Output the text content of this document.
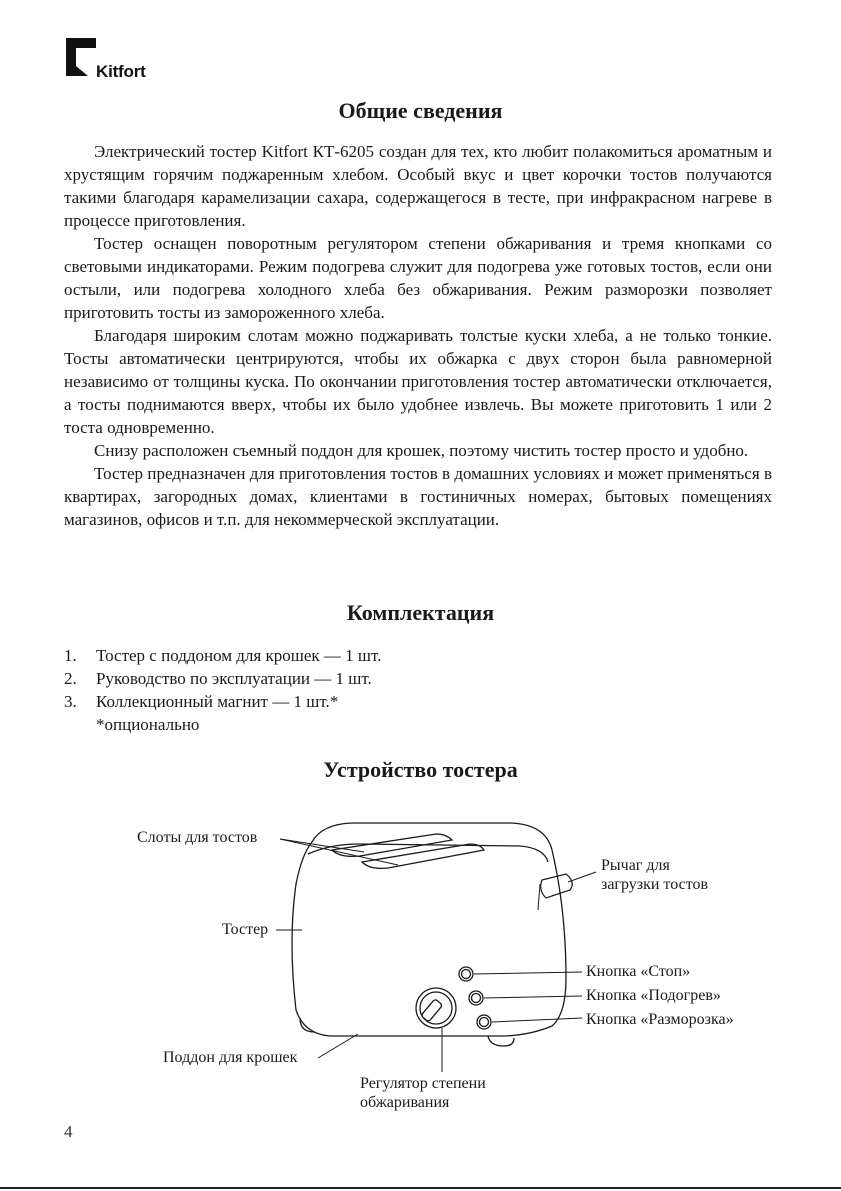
Kitfort
Общие сведения

Электрический тостер Kitfort КТ-6205 создан для тех, кто любит полакомиться ароматным и хрустящим горячим поджаренным хлебом. Особый вкус и цвет корочки тостов получаются такими благодаря карамелизации сахара, содержащегося в тесте, при инфракрасном нагреве в процессе приготовления.

Тостер оснащен поворотным регулятором степени обжаривания и тремя кнопками со световыми индикаторами. Режим подогрева служит для подогрева уже готовых тостов, если они остыли, или подогрева холодного хлеба без обжаривания. Режим разморозки позволяет приготовить тосты из замороженного хлеба.

Благодаря широким слотам можно поджаривать толстые куски хлеба, а не только тонкие. Тосты автоматически центрируются, чтобы их обжарка с двух сторон была равномерной независимо от толщины куска. По окончании приготовления тостер автоматически отключается, а тосты поднимаются вверх, чтобы их было удобнее извлечь. Вы можете приготовить 1 или 2 тоста одновременно.

Снизу расположен съемный поддон для крошек, поэтому чистить тостер просто и удобно.

Тостер предназначен для приготовления тостов в домашних условиях и может применяться в квартирах, загородных домах, клиентами в гостиничных номерах, бытовых помещениях магазинов, офисов и т.п. для некоммерческой эксплуатации.

Комплектация
1. Тостер с поддоном для крошек — 1 шт.
2. Руководство по эксплуатации — 1 шт.
3. Коллекционный магнит — 1 шт.*
*опционально
Устройство тостера
Слоты для тостов
Тостер
Поддон для крошек
Рычаг для
загрузки тостов
Кнопка «Стоп»
Кнопка «Подогрев»
Кнопка «Разморозка»
Регулятор степени
обжаривания
4
